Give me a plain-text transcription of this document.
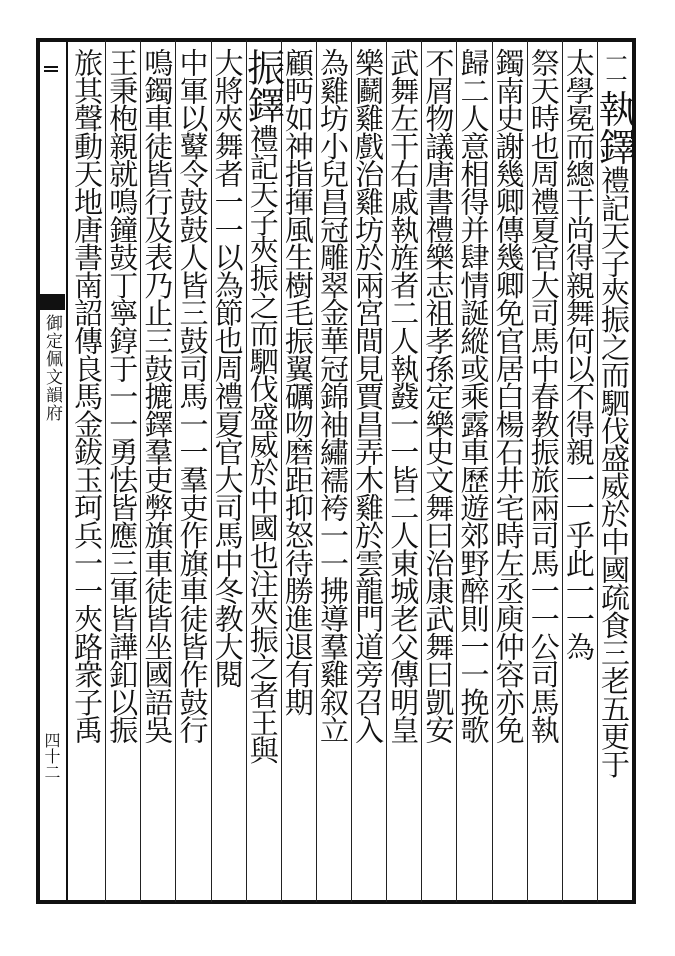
御定佩文韻府
四十二
一一執鐸禮記天子夾振之而駟伐盛威於中國疏食三老五更于
太學冕而總干尚得親舞何以不得親一一乎此一一為
祭天時也周禮夏官大司馬中春教振旅兩司馬一一公司馬執
鐲南史謝幾卿傳幾卿免官居白楊石井宅時左丞庾仲容亦免
歸二人意相得并肆情誕縱或乘露車歷遊郊野醉則一一挽歌
不屑物議唐書禮樂志祖孝孫定樂史文舞曰治康武舞曰凱安
武舞左干右戚執旌者二人執鼗一一皆二人東城老父傳明皇
樂鬬雞戲治雞坊於兩宮間見賈昌弄木雞於雲龍門道旁召入
為雞坊小兒昌冠雕翠金華冠錦袖繡襦袴一一拂導羣雞叙立
顧眄如神指揮風生樹毛振翼礪吻磨距抑怒待勝進退有期
振鐸禮記天子夾振之而駟伐盛威於中國也注夾振之者王與
大將夾舞者一一以為節也周禮夏官大司馬中冬教大閱
中軍以鼙令鼓鼓人皆三鼓司馬一一羣吏作旗車徒皆作鼓行
鳴鐲車徒皆行及表乃止三鼓摝鐸羣吏弊旗車徒皆坐國語吳
王秉枹親就鳴鐘鼓丁寧錞于一一勇怯皆應三軍皆譁釦以振
旅其聲動天地唐書南詔傳良馬金鈸玉珂兵一一夾路衆子禹
